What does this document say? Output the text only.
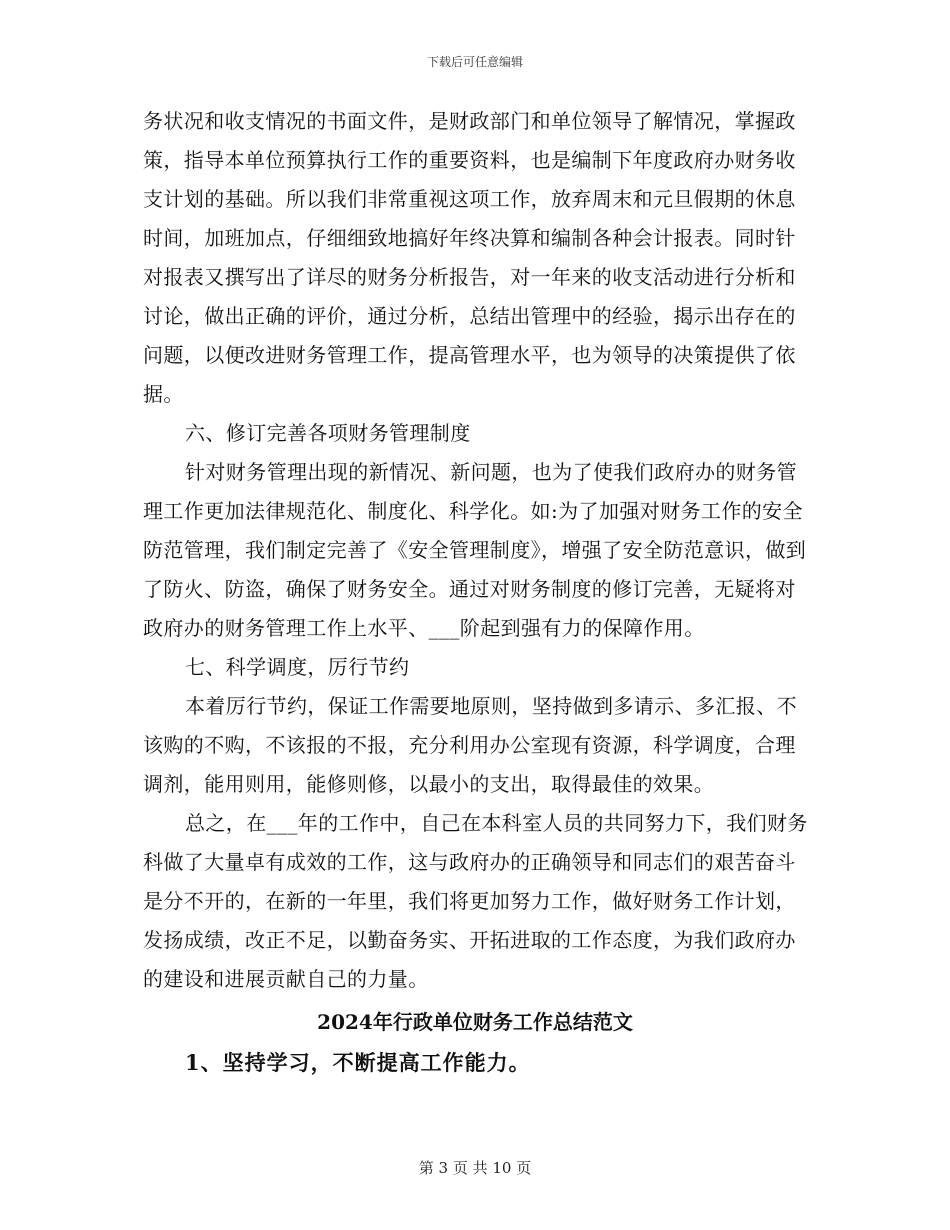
下载后可任意编辑

务状况和收支情况的书面文件，是财政部门和单位领导了解情况，掌握政策，指导本单位预算执行工作的重要资料，也是编制下年度政府办财务收支计划的基础。所以我们非常重视这项工作，放弃周末和元旦假期的休息时间，加班加点，仔细细致地搞好年终决算和编制各种会计报表。同时针对报表又撰写出了详尽的财务分析报告，对一年来的收支活动进行分析和讨论，做出正确的评价，通过分析，总结出管理中的经验，揭示出存在的问题，以便改进财务管理工作，提高管理水平，也为领导的决策提供了依据。

六、修订完善各项财务管理制度

针对财务管理出现的新情况、新问题，也为了使我们政府办的财务管理工作更加法律规范化、制度化、科学化。如:为了加强对财务工作的安全防范管理，我们制定完善了《安全管理制度》，增强了安全防范意识，做到了防火、防盗，确保了财务安全。通过对财务制度的修订完善，无疑将对政府办的财务管理工作上水平、___阶起到强有力的保障作用。

七、科学调度，厉行节约

本着厉行节约，保证工作需要地原则，坚持做到多请示、多汇报、不该购的不购，不该报的不报，充分利用办公室现有资源，科学调度，合理调剂，能用则用，能修则修，以最小的支出，取得最佳的效果。

总之，在___年的工作中，自己在本科室人员的共同努力下，我们财务科做了大量卓有成效的工作，这与政府办的正确领导和同志们的艰苦奋斗是分不开的，在新的一年里，我们将更加努力工作，做好财务工作计划，发扬成绩，改正不足，以勤奋务实、开拓进取的工作态度，为我们政府办的建设和进展贡献自己的力量。

2024年行政单位财务工作总结范文
1、坚持学习，不断提高工作能力。
第 3 页 共 10 页
